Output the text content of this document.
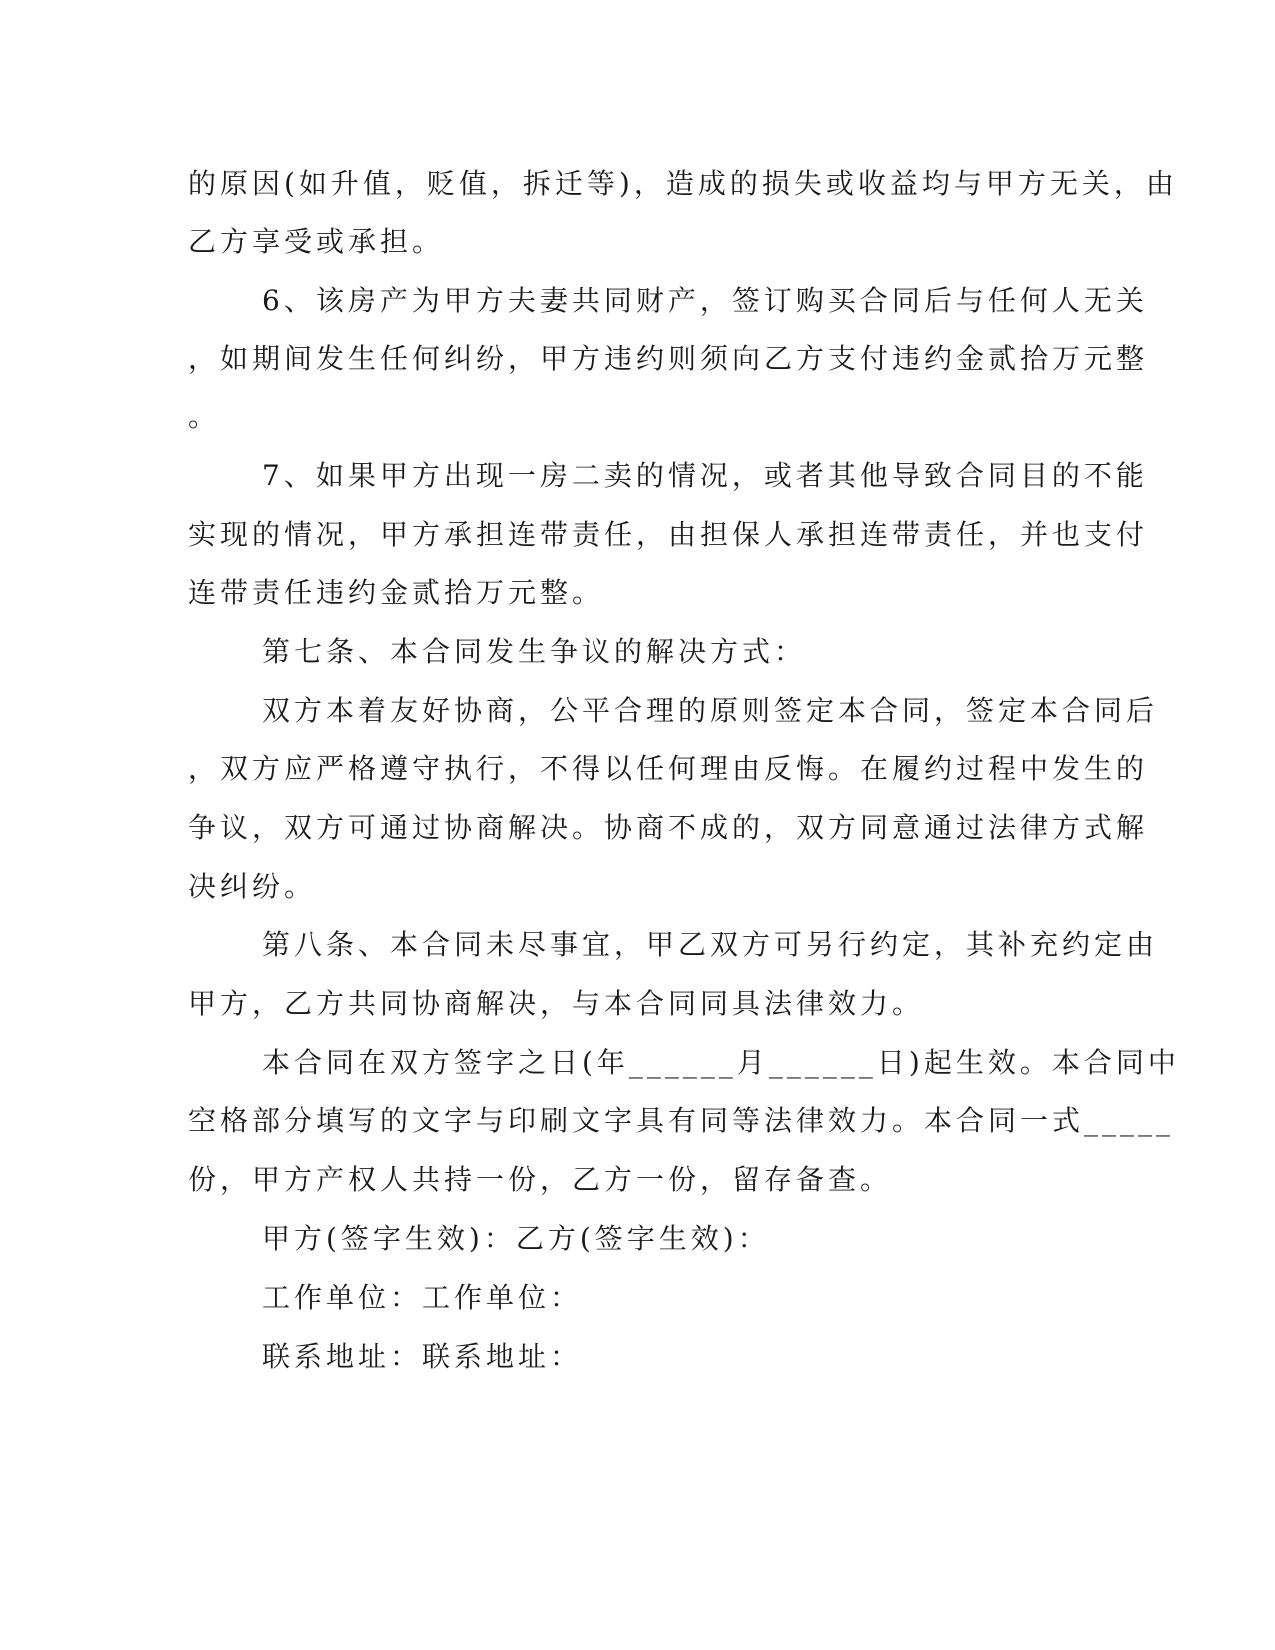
的原因(如升值，贬值，拆迁等)，造成的损失或收益均与甲方无关，由
乙方享受或承担。
6、该房产为甲方夫妻共同财产，签订购买合同后与任何人无关
，如期间发生任何纠纷，甲方违约则须向乙方支付违约金贰拾万元整
。
7、如果甲方出现一房二卖的情况，或者其他导致合同目的不能
实现的情况，甲方承担连带责任，由担保人承担连带责任，并也支付
连带责任违约金贰拾万元整。
第七条、本合同发生争议的解决方式：
双方本着友好协商，公平合理的原则签定本合同，签定本合同后
，双方应严格遵守执行，不得以任何理由反悔。在履约过程中发生的
争议，双方可通过协商解决。协商不成的，双方同意通过法律方式解
决纠纷。
第八条、本合同未尽事宜，甲乙双方可另行约定，其补充约定由
甲方，乙方共同协商解决，与本合同同具法律效力。
本合同在双方签字之日(年______月______日)起生效。本合同中
空格部分填写的文字与印刷文字具有同等法律效力。本合同一式_____
份，甲方产权人共持一份，乙方一份，留存备查。
甲方(签字生效)：乙方(签字生效)：
工作单位：工作单位：
联系地址：联系地址：
